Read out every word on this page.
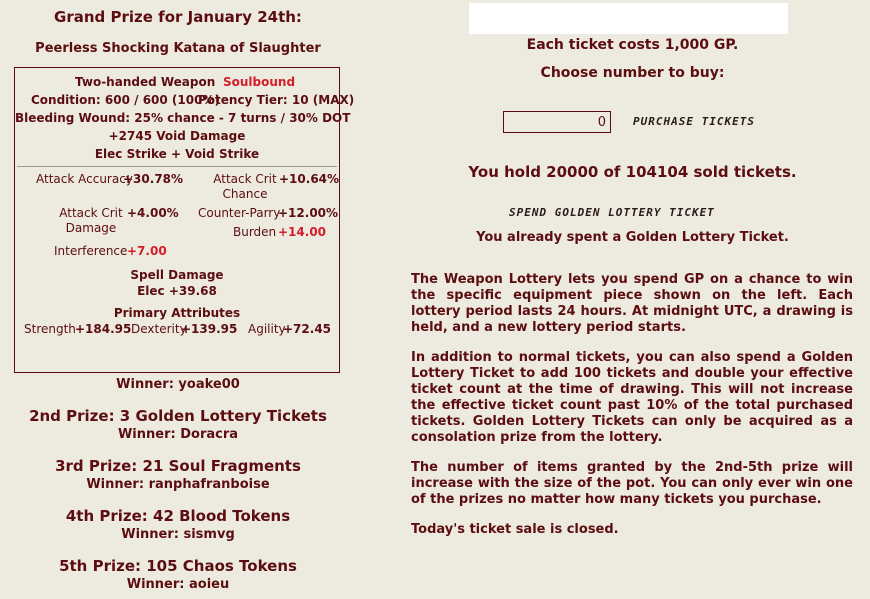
Grand Prize for January 24th:
Peerless Shocking Katana of Slaughter
Two-handed Weapon Soulbound
Condition: 600 / 600 (100%)
Potency Tier: 10 (MAX)
Bleeding Wound: 25% chance - 7 turns / 30% DOT
+2745 Void Damage
Elec Strike + Void Strike
Attack Accuracy
+30.78%	Attack Crit Chance
+10.64%
Attack Crit Damage
+4.00% Counter-Parry
+12.00%
Burden +14.00
Interference +7.00
Spell Damage
Elec +39.68
Primary Attributes
Strength +184.95 Dexterity
+139.95 Agility
+72.45
Winner: yoake00
2nd Prize: 3 Golden Lottery Tickets
Winner: Doracra
3rd Prize: 21 Soul Fragments
Winner: ranphafranboise
4th Prize: 42 Blood Tokens
Winner: sismvg
5th Prize: 105 Chaos Tokens
Winner: aoieu
Each ticket costs 1,000 GP.
Choose number to buy:
0
PURCHASE TICKETS
You hold 20000 of 104104 sold tickets.
SPEND GOLDEN LOTTERY TICKET
You already spent a Golden Lottery Ticket.

The Weapon Lottery lets you spend GP on a chance to win the specific equipment piece shown on the left. Each lottery period lasts 24 hours. At midnight UTC, a drawing is held, and a new lottery period starts.

In addition to normal tickets, you can also spend a Golden Lottery Ticket to add 100 tickets and double your effective ticket count at the time of drawing. This will not increase the effective ticket count past 10% of the total purchased tickets. Golden Lottery Tickets can only be acquired as a consolation prize from the lottery.

The number of items granted by the 2nd-5th prize will increase with the size of the pot. You can only ever win one of the prizes no matter how many tickets you purchase.

Today's ticket sale is closed.
